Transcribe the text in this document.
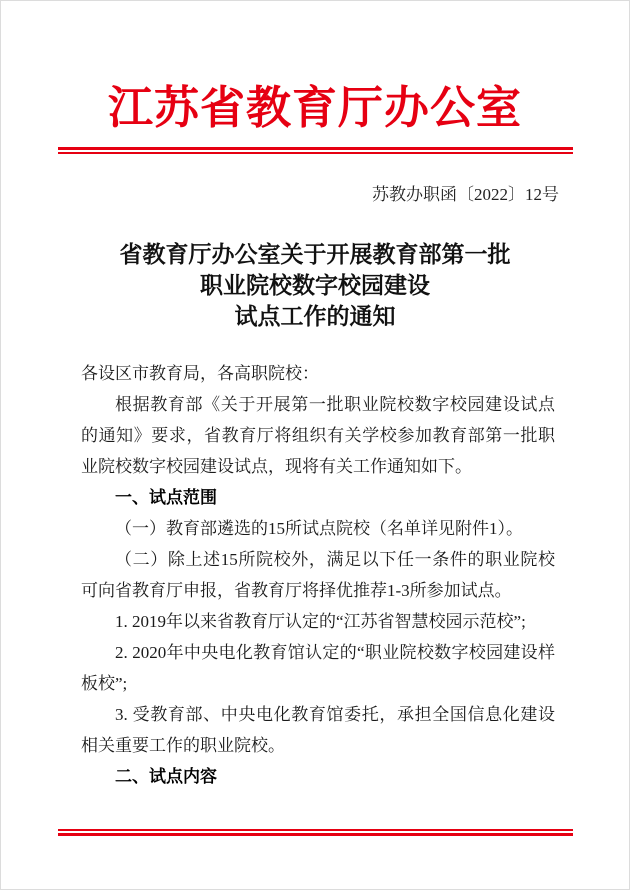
江苏省教育厅办公室
苏教办职函〔2022〕12号
省教育厅办公室关于开展教育部第一批
职业院校数字校园建设
试点工作的通知

各设区市教育局，各高职院校：

根据教育部《关于开展第一批职业院校数字校园建设试点的通知》要求，省教育厅将组织有关学校参加教育部第一批职业院校数字校园建设试点，现将有关工作通知如下。

一、试点范围

（一）教育部遴选的15所试点院校（名单详见附件1）。

（二）除上述15所院校外，满足以下任一条件的职业院校可向省教育厅申报，省教育厅将择优推荐1-3所参加试点。

1. 2019年以来省教育厅认定的“江苏省智慧校园示范校”;

2. 2020年中央电化教育馆认定的“职业院校数字校园建设样板校”;

3. 受教育部、中央电化教育馆委托，承担全国信息化建设相关重要工作的职业院校。

二、试点内容
